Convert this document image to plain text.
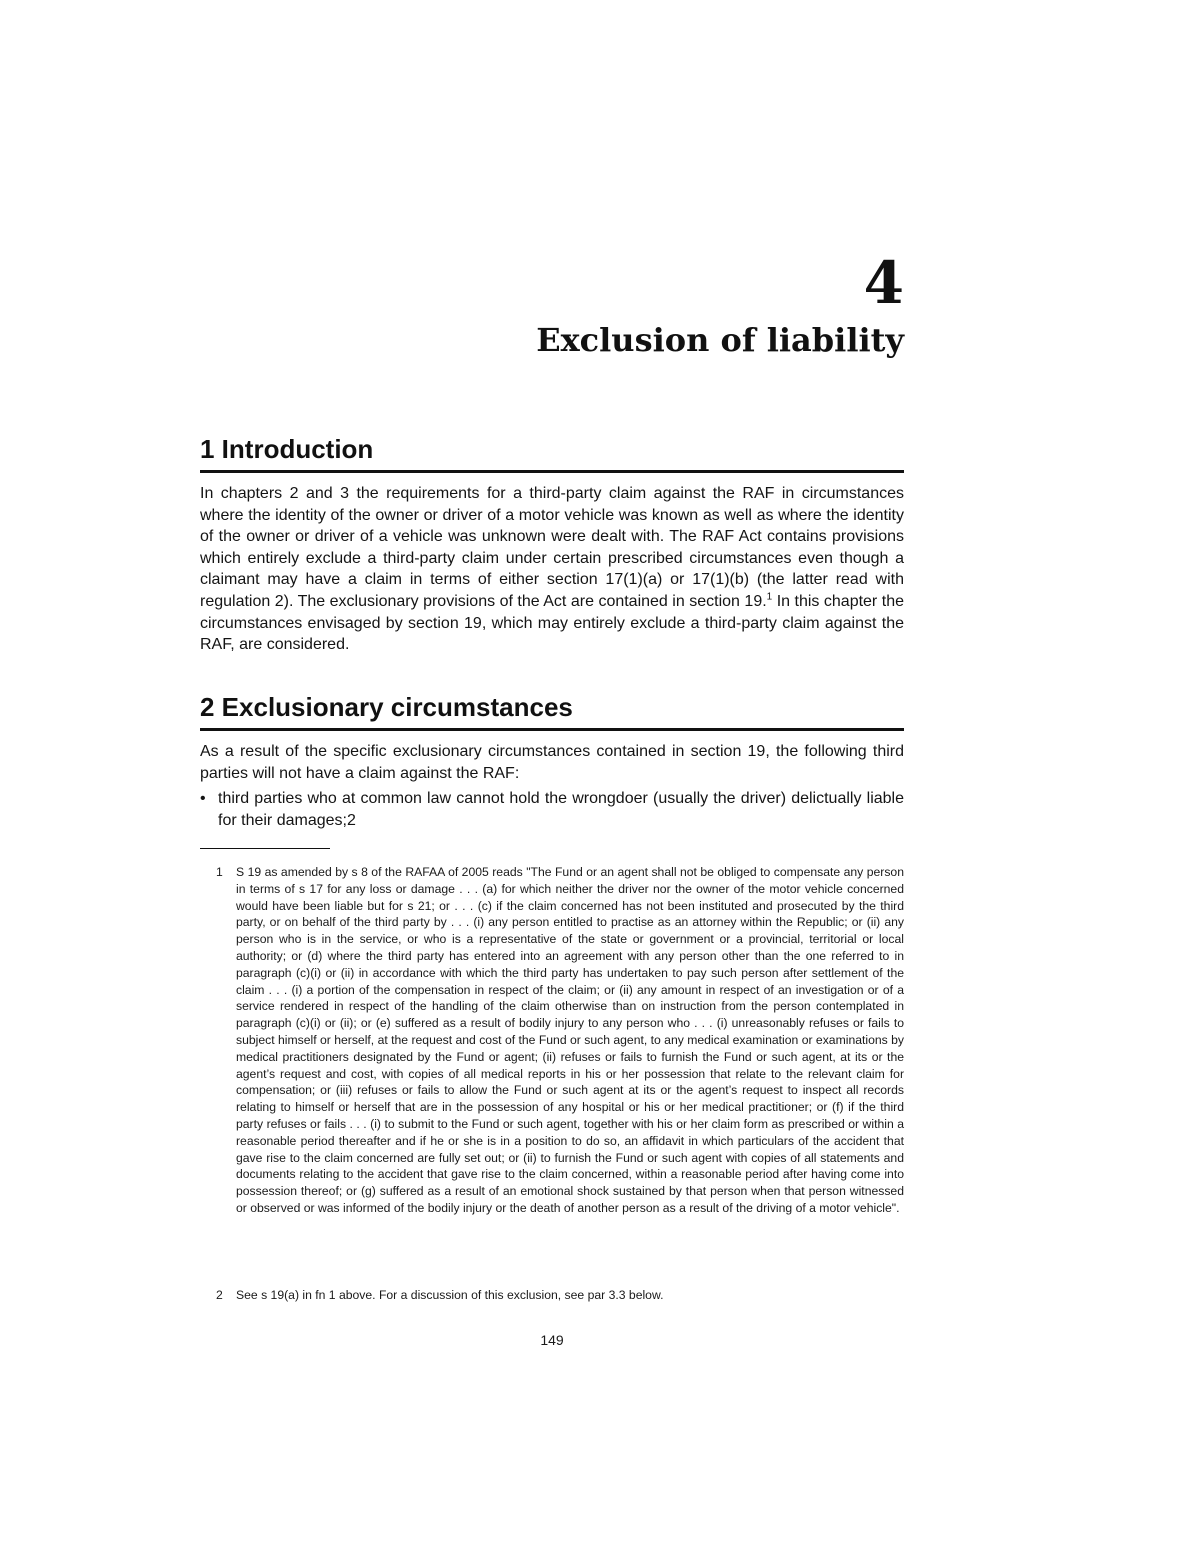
4
Exclusion of liability
1 Introduction

In chapters 2 and 3 the requirements for a third-party claim against the RAF in circumstances where the identity of the owner or driver of a motor vehicle was known as well as where the identity of the owner or driver of a vehicle was unknown were dealt with. The RAF Act contains provisions which entirely exclude a third-party claim under certain prescribed circumstances even though a claimant may have a claim in terms of either section 17(1)(a) or 17(1)(b) (the latter read with regulation 2). The exclusionary provisions of the Act are contained in section 19.$^1$ In this chapter the circumstances envisaged by section 19, which may entirely exclude a third-party claim against the RAF, are considered.

2 Exclusionary circumstances

As a result of the specific exclusionary circumstances contained in section 19, the following third parties will not have a claim against the RAF:

• third parties who at common law cannot hold the wrongdoer (usually the driver) delictually liable for their damages;2
1 S 19 as amended by s 8 of the RAFAA of 2005 reads "The Fund or an agent shall not be obliged to compensate any person in terms of s 17 for any loss or damage . . . (a) for which neither the driver nor the owner of the motor vehicle concerned would have been liable but for s 21; or . . . (c) if the claim concerned has not been instituted and prosecuted by the third party, or on behalf of the third party by . . . (i) any person entitled to practise as an attorney within the Republic; or (ii) any person who is in the service, or who is a representative of the state or government or a provincial, territorial or local authority; or (d) where the third party has entered into an agreement with any person other than the one referred to in paragraph (c)(i) or (ii) in accordance with which the third party has undertaken to pay such person after settlement of the claim . . . (i) a portion of the compensation in respect of the claim; or (ii) any amount in respect of an investigation or of a service rendered in respect of the handling of the claim otherwise than on instruction from the person contemplated in paragraph (c)(i) or (ii); or (e) suffered as a result of bodily injury to any person who . . . (i) unreasonably refuses or fails to subject himself or herself, at the request and cost of the Fund or such agent, to any medical examination or examinations by medical practitioners designated by the Fund or agent; (ii) refuses or fails to furnish the Fund or such agent, at its or the agent’s request and cost, with copies of all medical reports in his or her possession that relate to the relevant claim for compensation; or (iii) refuses or fails to allow the Fund or such agent at its or the agent’s request to inspect all records relating to himself or herself that are in the possession of any hospital or his or her medical practitioner; or (f) if the third party refuses or fails . . . (i) to submit to the Fund or such agent, together with his or her claim form as prescribed or within a reasonable period thereafter and if he or she is in a position to do so, an affidavit in which particulars of the accident that gave rise to the claim concerned are fully set out; or (ii) to furnish the Fund or such agent with copies of all statements and documents relating to the accident that gave rise to the claim concerned, within a reasonable period after having come into possession thereof; or (g) suffered as a result of an emotional shock sustained by that person when that person witnessed or observed or was informed of the bodily injury or the death of another person as a result of the driving of a motor vehicle".
2 See s 19(a) in fn 1 above. For a discussion of this exclusion, see par 3.3 below.

149
